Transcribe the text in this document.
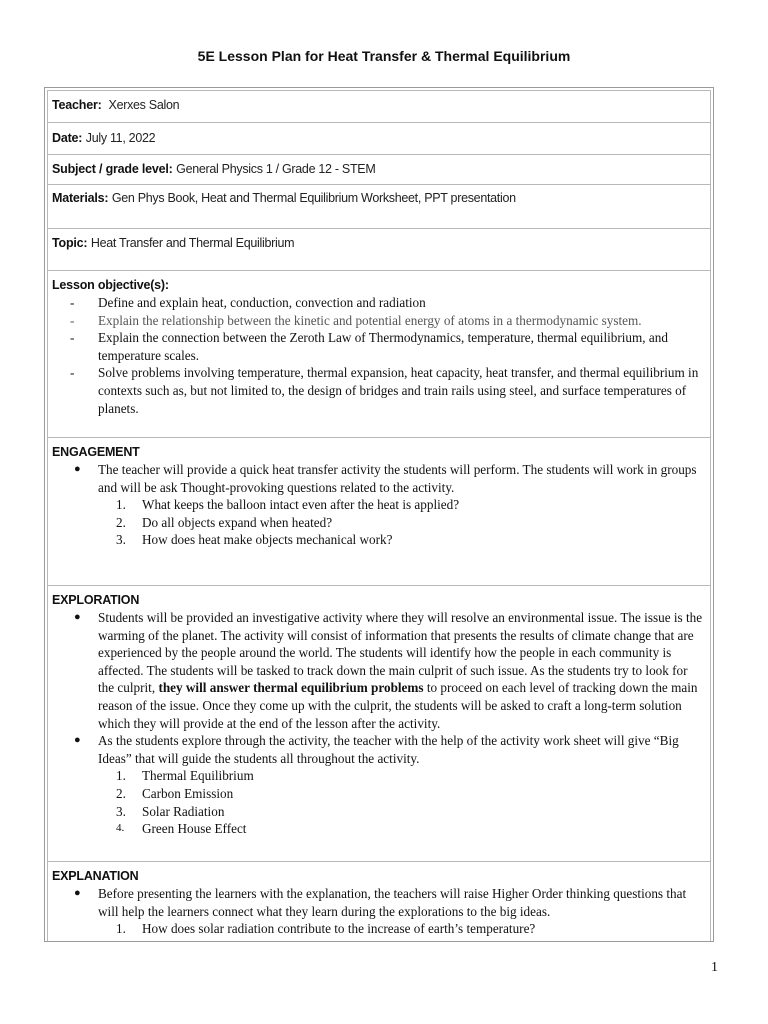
5E Lesson Plan for Heat Transfer & Thermal Equilibrium
Teacher: Xerxes Salon
Date: July 11, 2022
Subject / grade level: General Physics 1 / Grade 12 - STEM
Materials: Gen Phys Book, Heat and Thermal Equilibrium Worksheet, PPT presentation
Topic: Heat Transfer and Thermal Equilibrium
Lesson objective(s):
- Define and explain heat, conduction, convection and radiation
- Explain the relationship between the kinetic and potential energy of atoms in a thermodynamic system.
- Explain the connection between the Zeroth Law of Thermodynamics, temperature, thermal equilibrium, and temperature scales.
- Solve problems involving temperature, thermal expansion, heat capacity, heat transfer, and thermal equilibrium in contexts such as, but not limited to, the design of bridges and train rails using steel, and surface temperatures of planets.
ENGAGEMENT
● The teacher will provide a quick heat transfer activity the students will perform. The students will work in groups and will be ask Thought-provoking questions related to the activity.
1. What keeps the balloon intact even after the heat is applied?
2. Do all objects expand when heated?
3. How does heat make objects mechanical work?
EXPLORATION
● Students will be provided an investigative activity where they will resolve an environmental issue. The issue is the warming of the planet. The activity will consist of information that presents the results of climate change that are experienced by the people around the world. The students will identify how the people in each community is affected. The students will be tasked to track down the main culprit of such issue. As the students try to look for the culprit, they will answer thermal equilibrium problems to proceed on each level of tracking down the main reason of the issue. Once they come up with the culprit, the students will be asked to craft a long-term solution which they will provide at the end of the lesson after the activity.
● As the students explore through the activity, the teacher with the help of the activity work sheet will give “Big Ideas” that will guide the students all throughout the activity.
1. Thermal Equilibrium
2. Carbon Emission
3. Solar Radiation
4. Green House Effect
EXPLANATION
● Before presenting the learners with the explanation, the teachers will raise Higher Order thinking questions that will help the learners connect what they learn during the explorations to the big ideas.
1. How does solar radiation contribute to the increase of earth’s temperature?
1
